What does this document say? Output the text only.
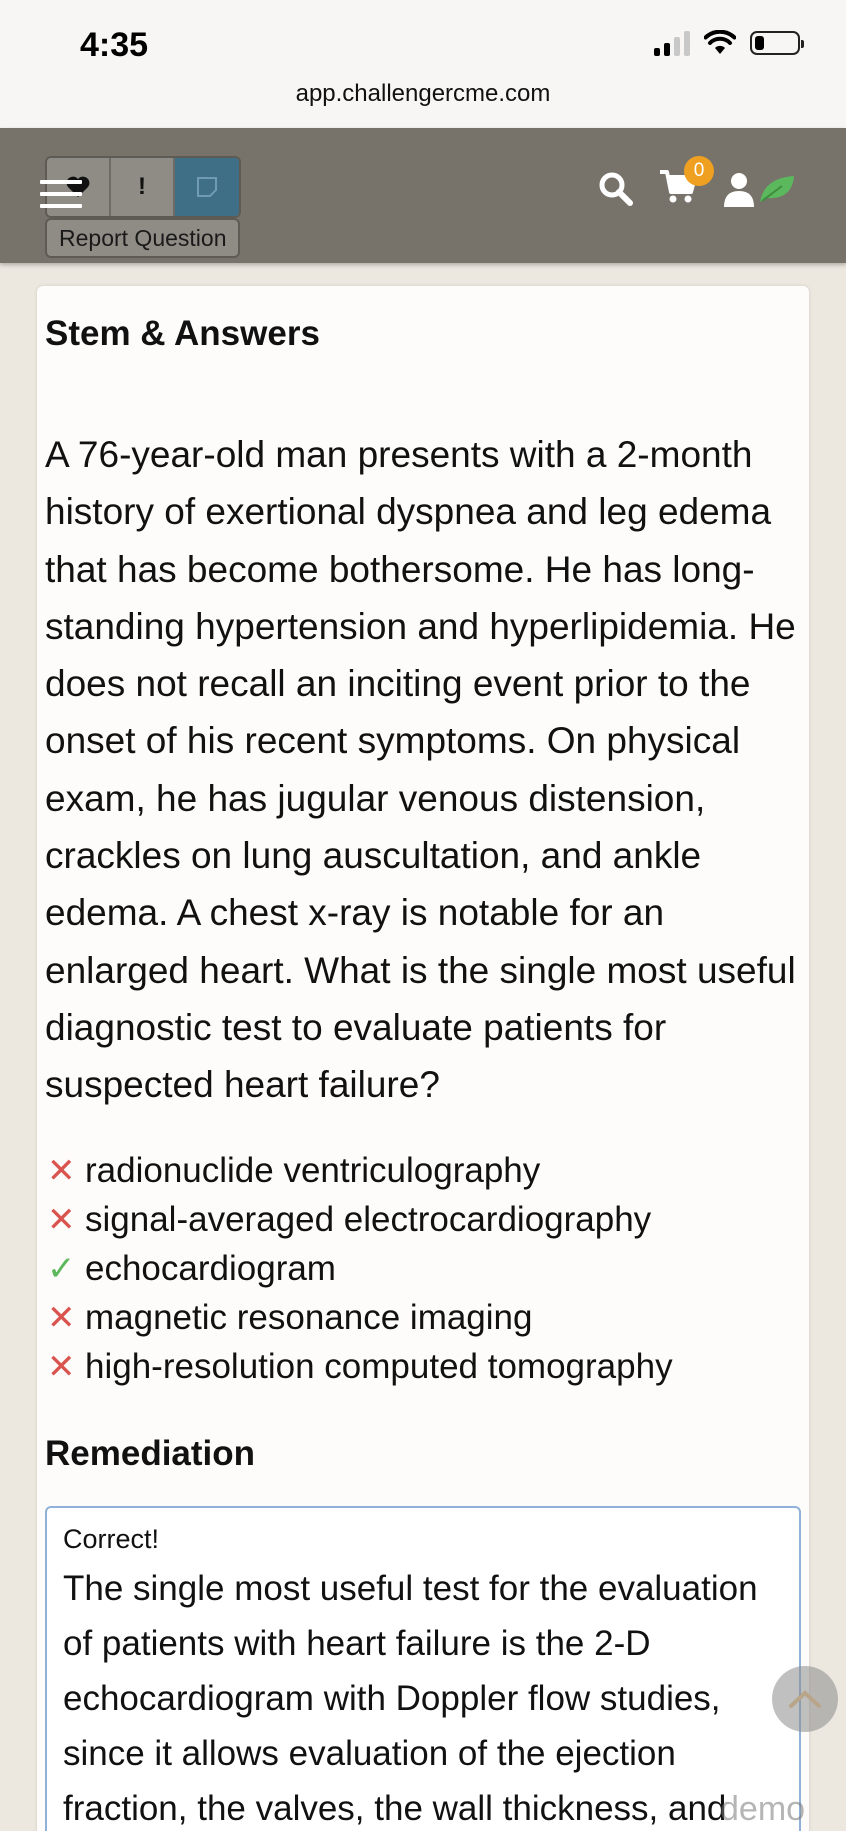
4:35
app.challengercme.com
!
Report Question
0
Stem & Answers
A 76-year-old man presents with a 2-month history of exertional dyspnea and leg edema that has become bothersome. He has long-standing hypertension and hyperlipidemia. He does not recall an inciting event prior to the onset of his recent symptoms. On physical exam, he has jugular venous distension, crackles on lung auscultation, and ankle edema. A chest x-ray is notable for an enlarged heart. What is the single most useful diagnostic test to evaluate patients for suspected heart failure?
✕ radionuclide ventriculography
✕ signal-averaged electrocardiography
✓ echocardiogram
✕ magnetic resonance imaging
✕ high-resolution computed tomography
Remediation
Correct!
The single most useful test for the evaluation of patients with heart failure is the 2-D echocardiogram with Doppler flow studies, since it allows evaluation of the ejection fraction, the valves, the wall thickness, and
demo
